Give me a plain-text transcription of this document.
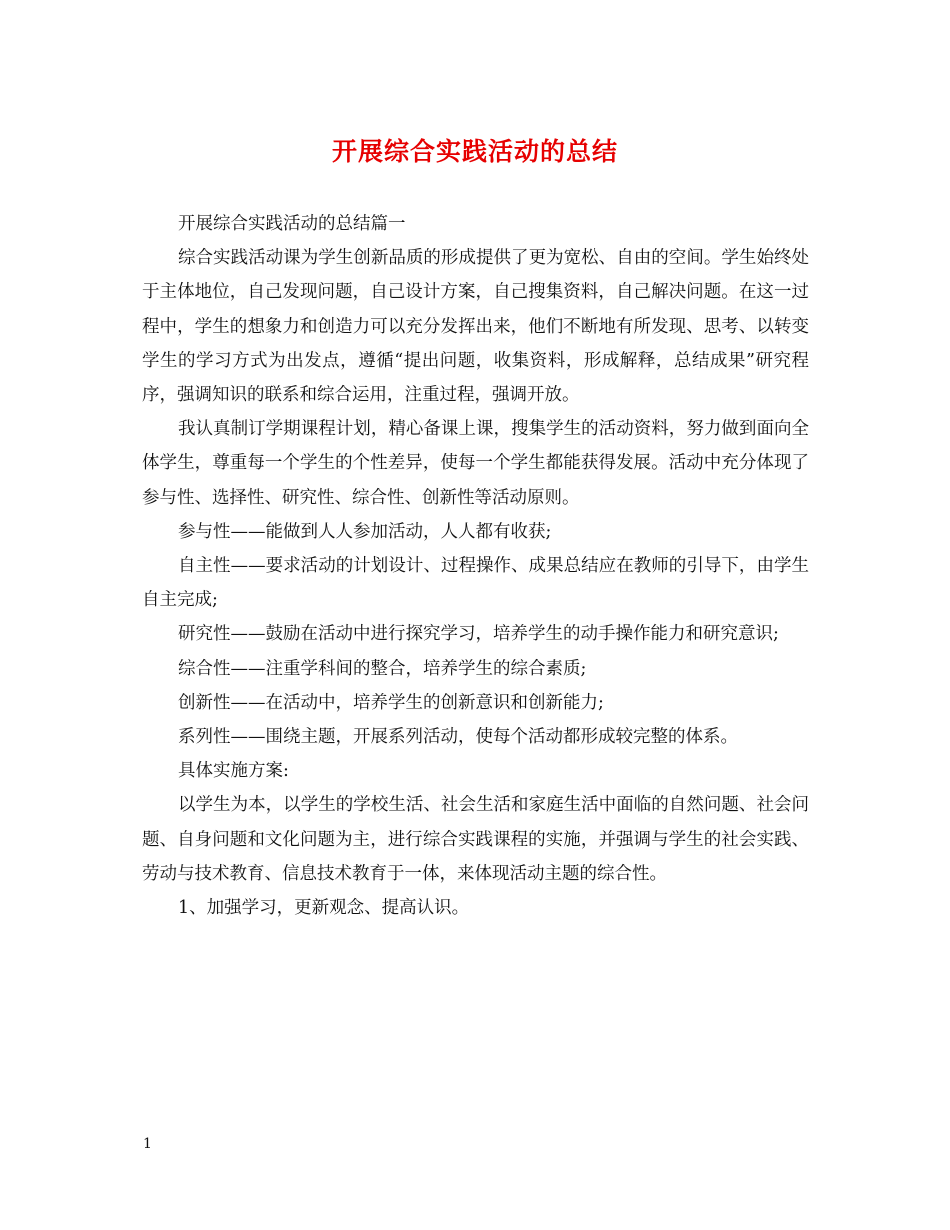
开展综合实践活动的总结

开展综合实践活动的总结篇一

综合实践活动课为学生创新品质的形成提供了更为宽松、自由的空间。学生始终处于主体地位，自己发现问题，自己设计方案，自己搜集资料，自己解决问题。在这一过程中，学生的想象力和创造力可以充分发挥出来，他们不断地有所发现、思考、以转变学生的学习方式为出发点，遵循“提出问题，收集资料，形成解释，总结成果”研究程序，强调知识的联系和综合运用，注重过程，强调开放。

我认真制订学期课程计划，精心备课上课，搜集学生的活动资料，努力做到面向全体学生，尊重每一个学生的个性差异，使每一个学生都能获得发展。活动中充分体现了参与性、选择性、研究性、综合性、创新性等活动原则。

参与性——能做到人人参加活动，人人都有收获;

自主性——要求活动的计划设计、过程操作、成果总结应在教师的引导下，由学生自主完成;

研究性——鼓励在活动中进行探究学习，培养学生的动手操作能力和研究意识;

综合性——注重学科间的整合，培养学生的综合素质;

创新性——在活动中，培养学生的创新意识和创新能力;

系列性——围绕主题，开展系列活动，使每个活动都形成较完整的体系。

具体实施方案:

以学生为本，以学生的学校生活、社会生活和家庭生活中面临的自然问题、社会问题、自身问题和文化问题为主，进行综合实践课程的实施，并强调与学生的社会实践、劳动与技术教育、信息技术教育于一体，来体现活动主题的综合性。

1、加强学习，更新观念、提高认识。

1
